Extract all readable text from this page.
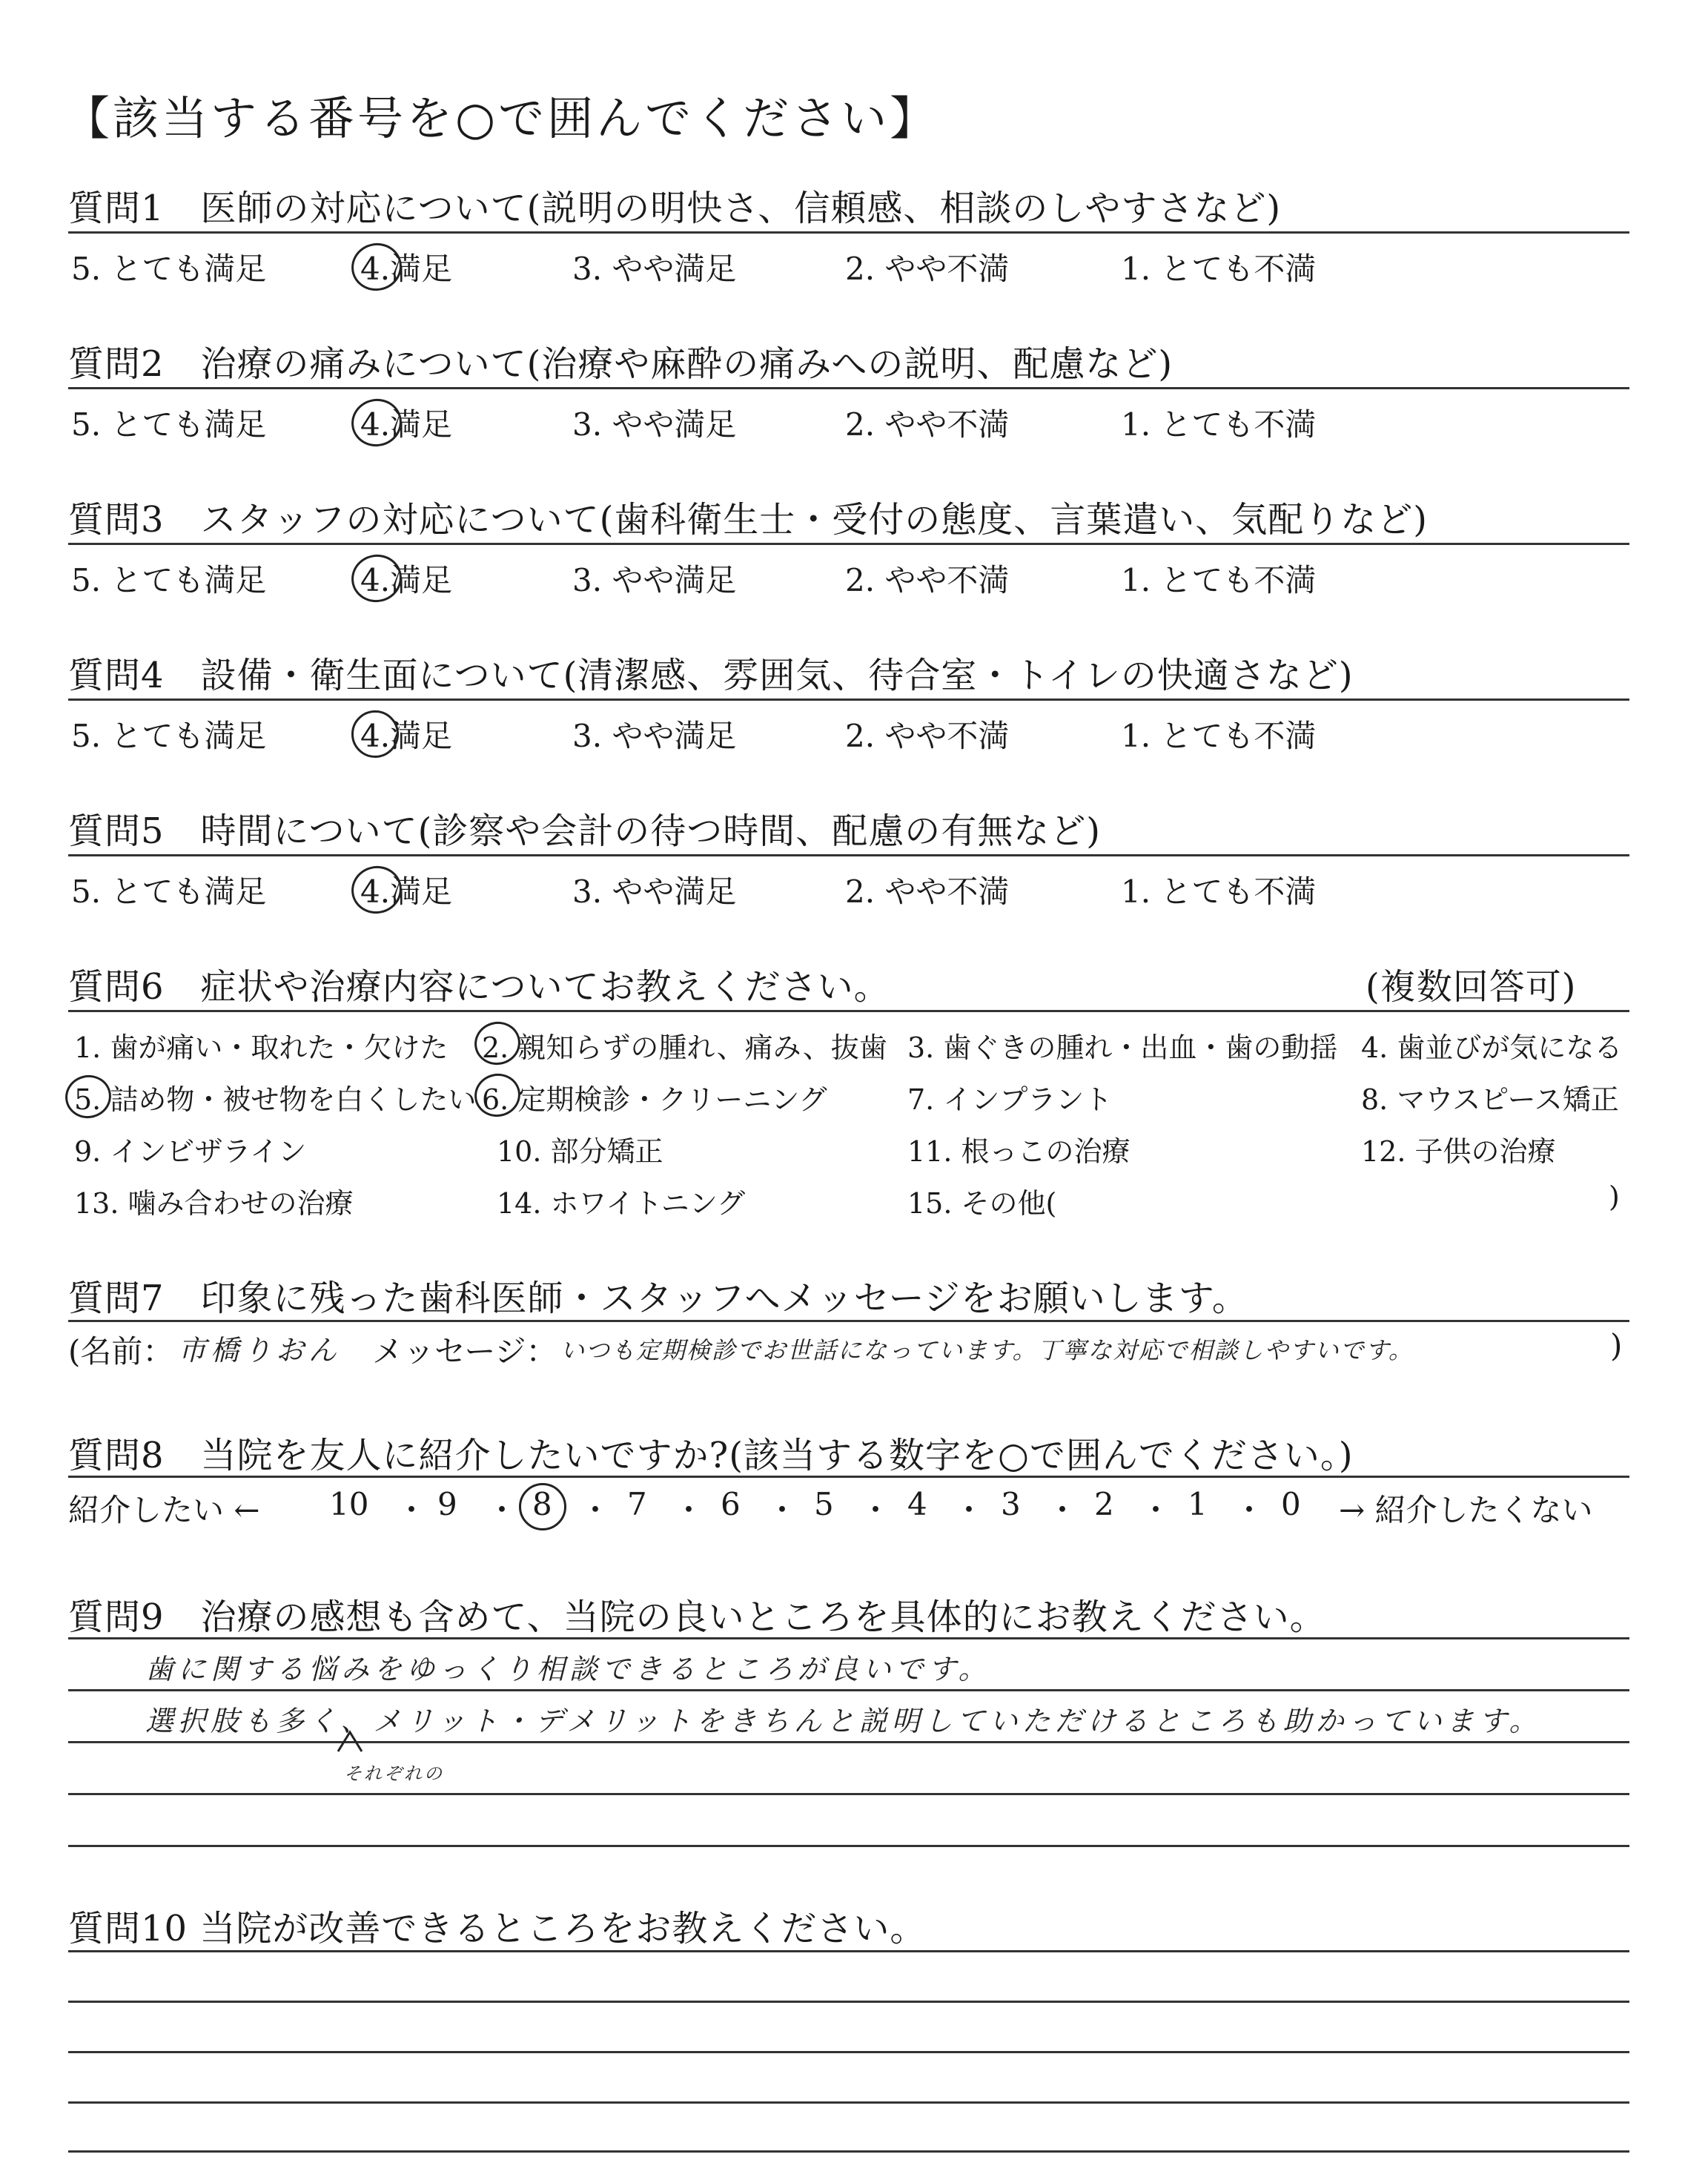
【該当する番号を○で囲んでください】
質問1　医師の対応について(説明の明快さ、信頼感、相談のしやすさなど)
5. とても満足	4.満足	3. やや満足	2. やや不満	1. とても不満
質問2　治療の痛みについて(治療や麻酔の痛みへの説明、配慮など)
5. とても満足	4.満足	3. やや満足	2. やや不満	1. とても不満
質問3　スタッフの対応について(歯科衛生士・受付の態度、言葉遣い、気配りなど)
5. とても満足	4.満足	3. やや満足	2. やや不満	1. とても不満
質問4　設備・衛生面について(清潔感、雰囲気、待合室・トイレの快適さなど)
5. とても満足	4.満足	3. やや満足	2. やや不満	1. とても不満
質問5　時間について(診察や会計の待つ時間、配慮の有無など)
5. とても満足	4.満足	3. やや満足	2. やや不満	1. とても不満
質問6　症状や治療内容についてお教えください。	(複数回答可)
1. 歯が痛い・取れた・欠けた 2. 親知らずの腫れ、痛み、抜歯 3. 歯ぐきの腫れ・出血・歯の動揺 4. 歯並びが気になる
5. 詰め物・被せ物を白くしたい 6. 定期検診・クリーニング	7. インプラント	8. マウスピース矯正
9. インビザライン	10. 部分矯正	11. 根っこの治療	12. 子供の治療
13. 噛み合わせの治療	14. ホワイトニング	15. その他(	)
質問7　印象に残った歯科医師・スタッフへメッセージをお願いします。
(名前： 市橋りおん メッセージ： いつも定期検診でお世話になっています。丁寧な対応で相談しやすいです。	)
質問8　当院を友人に紹介したいですか?(該当する数字を○で囲んでください。)
紹介したい ← 10 ・ 9 ・ 8 ・ 7 ・ 6 ・ 5 ・ 4 ・ 3 ・ 2 ・ 1 ・ 0 → 紹介したくない
質問9　治療の感想も含めて、当院の良いところを具体的にお教えください。
歯に関する悩みをゆっくり相談できるところが良いです。
選択肢も多く、メリット・デメリットをきちんと説明していただけるところも助かっています。
それぞれの
質問10 当院が改善できるところをお教えください。
